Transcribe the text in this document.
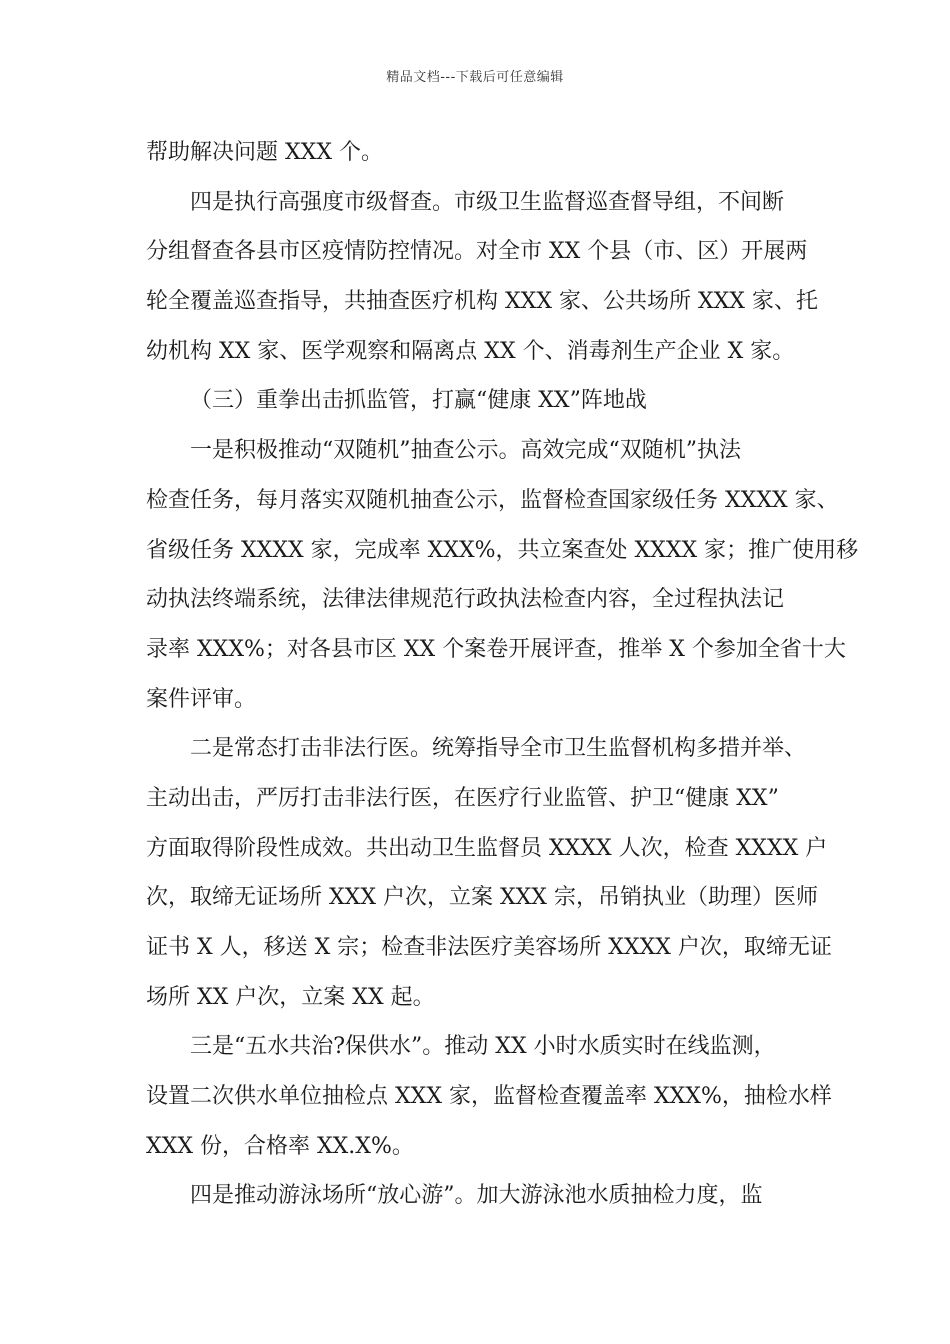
精品文档---下载后可任意编辑
帮助解决问题 XXX 个。
四是执行高强度市级督查。市级卫生监督巡查督导组，不间断
分组督查各县市区疫情防控情况。对全市 XX 个县（市、区）开展两
轮全覆盖巡查指导，共抽查医疗机构 XXX 家、公共场所 XXX 家、托
幼机构 XX 家、医学观察和隔离点 XX 个、消毒剂生产企业 X 家。
（三）重拳出击抓监管，打赢“健康 XX”阵地战
一是积极推动“双随机”抽查公示。高效完成“双随机”执法
检查任务，每月落实双随机抽查公示，监督检查国家级任务 XXXX 家、
省级任务 XXXX 家，完成率 XXX%，共立案查处 XXXX 家；推广使用移
动执法终端系统，法律法律规范行政执法检查内容，全过程执法记
录率 XXX%；对各县市区 XX 个案卷开展评查，推举 X 个参加全省十大
案件评审。
二是常态打击非法行医。统筹指导全市卫生监督机构多措并举、
主动出击，严厉打击非法行医，在医疗行业监管、护卫“健康 XX”
方面取得阶段性成效。共出动卫生监督员 XXXX 人次，检查 XXXX 户
次，取缔无证场所 XXX 户次，立案 XXX 宗，吊销执业（助理）医师
证书 X 人，移送 X 宗；检查非法医疗美容场所 XXXX 户次，取缔无证
场所 XX 户次，立案 XX 起。
三是“五水共治?保供水”。推动 XX 小时水质实时在线监测，
设置二次供水单位抽检点 XXX 家，监督检查覆盖率 XXX%，抽检水样
XXX 份，合格率 XX.X%。
四是推动游泳场所“放心游”。加大游泳池水质抽检力度，监
